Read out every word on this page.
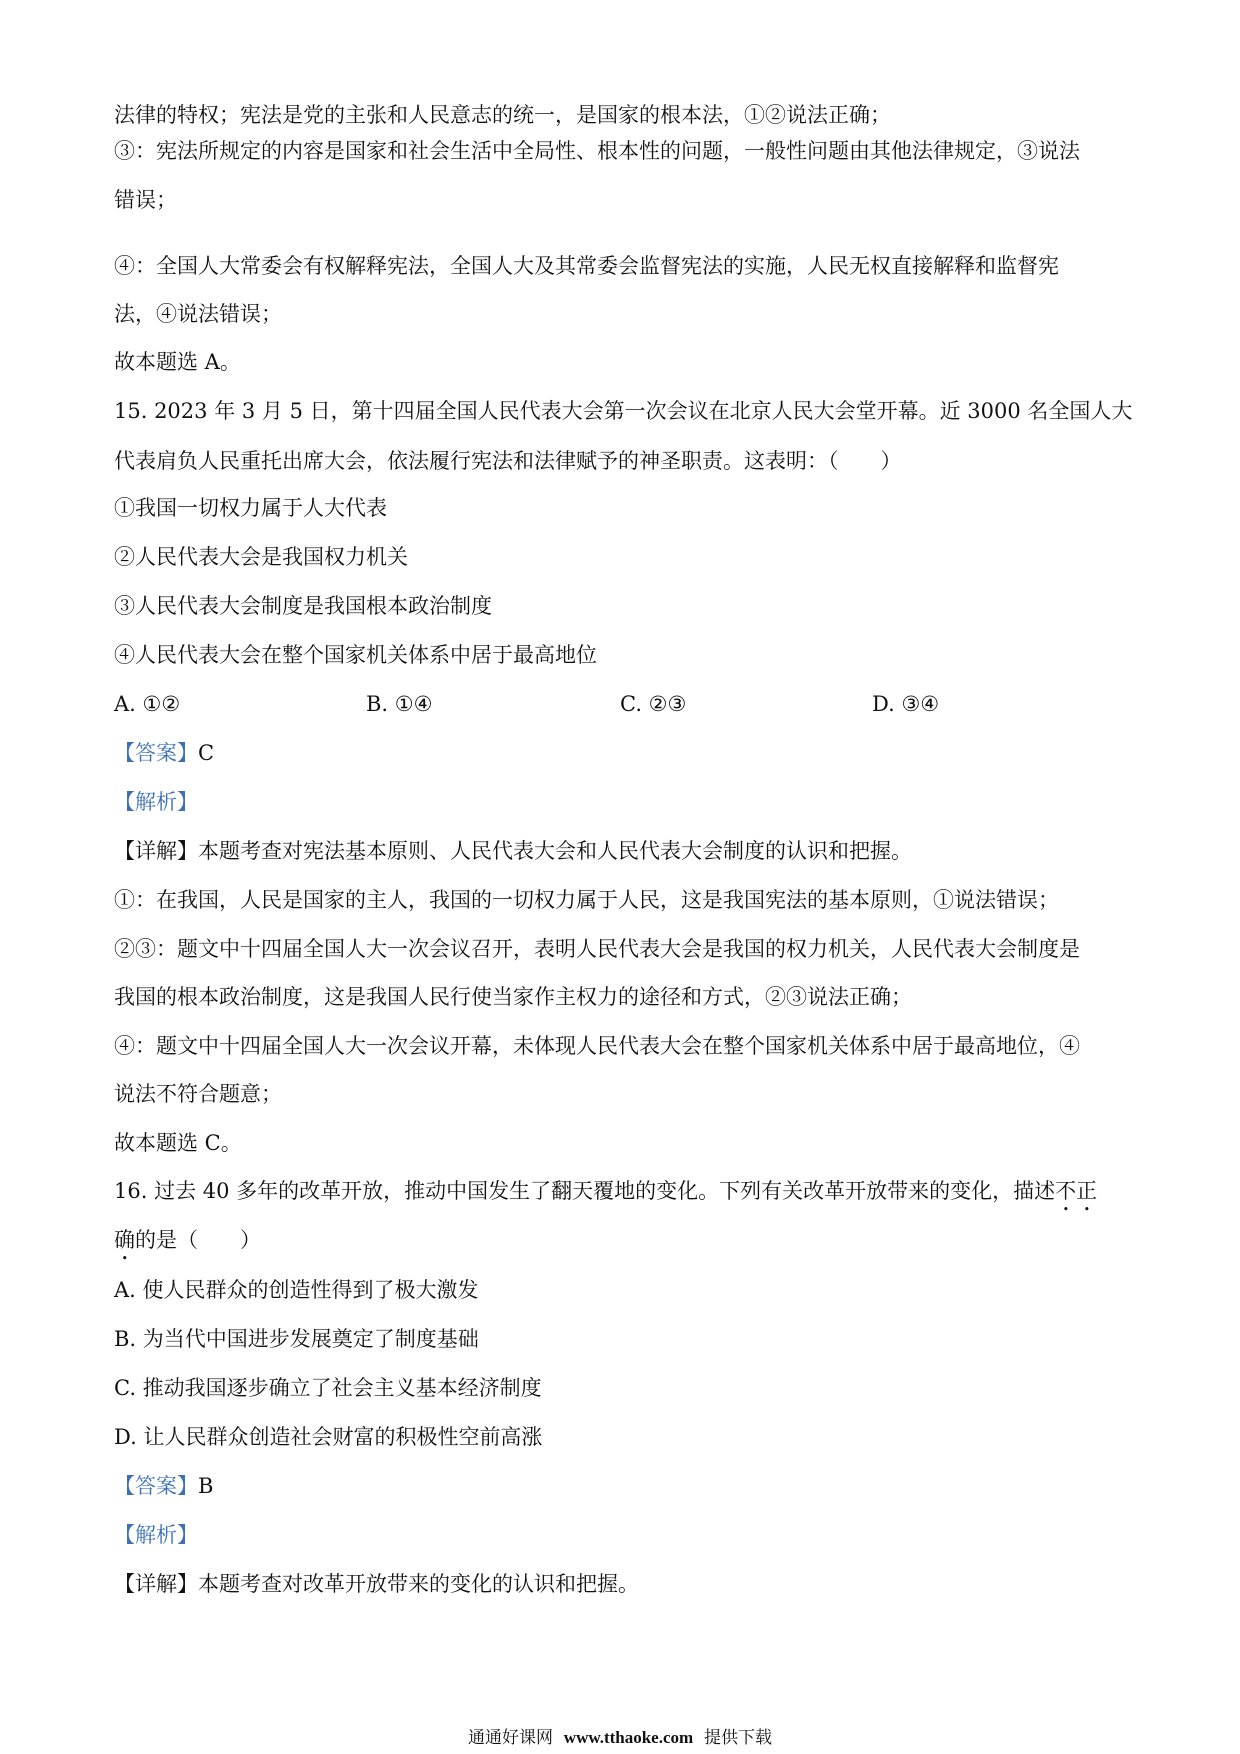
法律的特权；宪法是党的主张和人民意志的统一，是国家的根本法，①②说法正确；
③：宪法所规定的内容是国家和社会生活中全局性、根本性的问题，一般性问题由其他法律规定，③说法
错误；
④：全国人大常委会有权解释宪法，全国人大及其常委会监督宪法的实施，人民无权直接解释和监督宪
法，④说法错误；
故本题选 A。
15. 2023 年 3 月 5 日，第十四届全国人民代表大会第一次会议在北京人民大会堂开幕。近 3000 名全国人大
代表肩负人民重托出席大会，依法履行宪法和法律赋予的神圣职责。这表明：（　　）
①我国一切权力属于人大代表
②人民代表大会是我国权力机关
③人民代表大会制度是我国根本政治制度
④人民代表大会在整个国家机关体系中居于最高地位
A. ①②	B. ①④	C. ②③	D. ③④
【答案】C
【解析】
【详解】本题考查对宪法基本原则、人民代表大会和人民代表大会制度的认识和把握。
①：在我国，人民是国家的主人，我国的一切权力属于人民，这是我国宪法的基本原则，①说法错误；
②③：题文中十四届全国人大一次会议召开，表明人民代表大会是我国的权力机关，人民代表大会制度是
我国的根本政治制度，这是我国人民行使当家作主权力的途径和方式，②③说法正确；
④：题文中十四届全国人大一次会议开幕，未体现人民代表大会在整个国家机关体系中居于最高地位，④
说法不符合题意；
故本题选 C。
16. 过去 40 多年的改革开放，推动中国发生了翻天覆地的变化。下列有关改革开放带来的变化，描述不正
确的是（　　）
A. 使人民群众的创造性得到了极大激发
B. 为当代中国进步发展奠定了制度基础
C. 推动我国逐步确立了社会主义基本经济制度
D. 让人民群众创造社会财富的积极性空前高涨
【答案】B
【解析】
【详解】本题考查对改革开放带来的变化的认识和把握。
通通好课网 www.tthaoke.com 提供下载
